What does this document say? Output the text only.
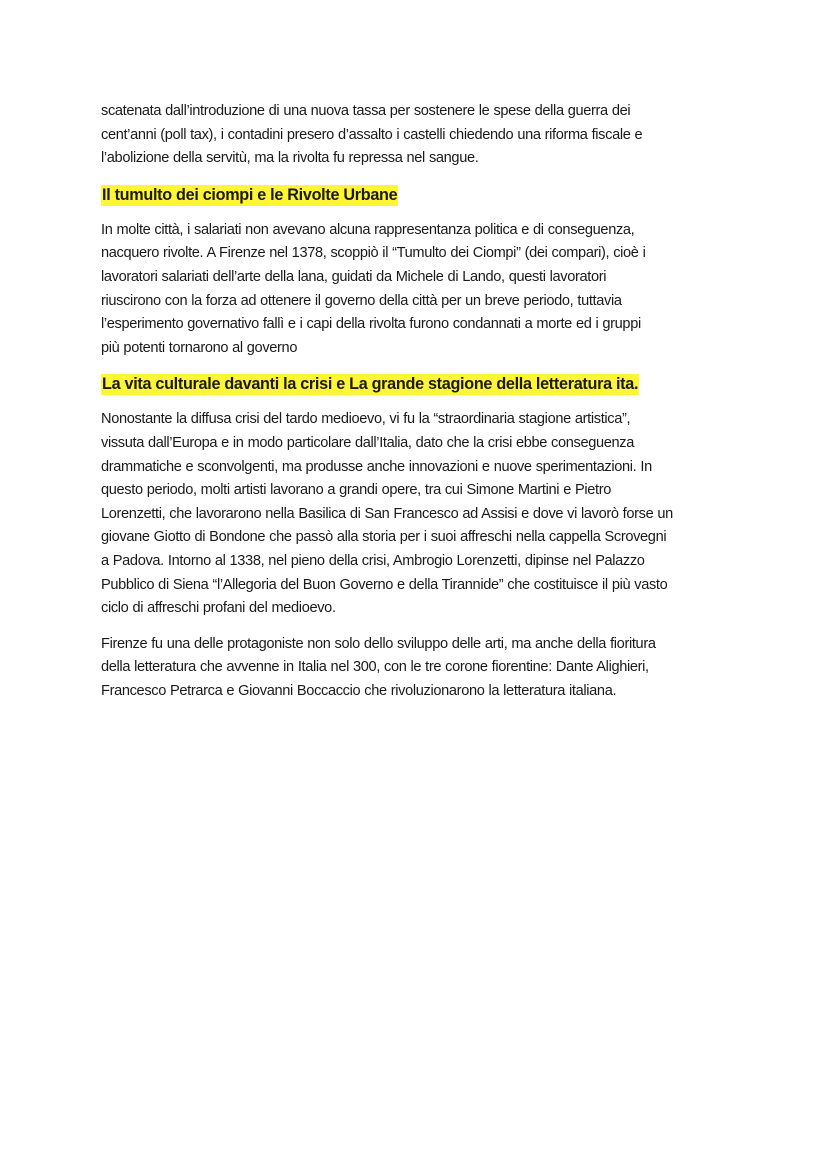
scatenata dall’introduzione di una nuova tassa per sostenere le spese della guerra dei
cent’anni (poll tax), i contadini presero d’assalto i castelli chiedendo una riforma fiscale e
l’abolizione della servitù, ma la rivolta fu repressa nel sangue.

Il tumulto dei ciompi e le Rivolte Urbane

In molte città, i salariati non avevano alcuna rappresentanza politica e di conseguenza,
nacquero rivolte. A Firenze nel 1378, scoppiò il “Tumulto dei Ciompi” (dei compari), cioè i
lavoratori salariati dell’arte della lana, guidati da Michele di Lando, questi lavoratori
riuscirono con la forza ad ottenere il governo della città per un breve periodo, tuttavia
l’esperimento governativo fallì e i capi della rivolta furono condannati a morte ed i gruppi
più potenti tornarono al governo

La vita culturale davanti la crisi e La grande stagione della letteratura ita.

Nonostante la diffusa crisi del tardo medioevo, vi fu la “straordinaria stagione artistica”,
vissuta dall’Europa e in modo particolare dall’Italia, dato che la crisi ebbe conseguenza
drammatiche e sconvolgenti, ma produsse anche innovazioni e nuove sperimentazioni. In
questo periodo, molti artisti lavorano a grandi opere, tra cui Simone Martini e Pietro
Lorenzetti, che lavorarono nella Basilica di San Francesco ad Assisi e dove vi lavorò forse un
giovane Giotto di Bondone che passò alla storia per i suoi affreschi nella cappella Scrovegni
a Padova. Intorno al 1338, nel pieno della crisi, Ambrogio Lorenzetti, dipinse nel Palazzo
Pubblico di Siena “l’Allegoria del Buon Governo e della Tirannide” che costituisce il più vasto
ciclo di affreschi profani del medioevo.

Firenze fu una delle protagoniste non solo dello sviluppo delle arti, ma anche della fioritura
della letteratura che avvenne in Italia nel 300, con le tre corone fiorentine: Dante Alighieri,
Francesco Petrarca e Giovanni Boccaccio che rivoluzionarono la letteratura italiana.
